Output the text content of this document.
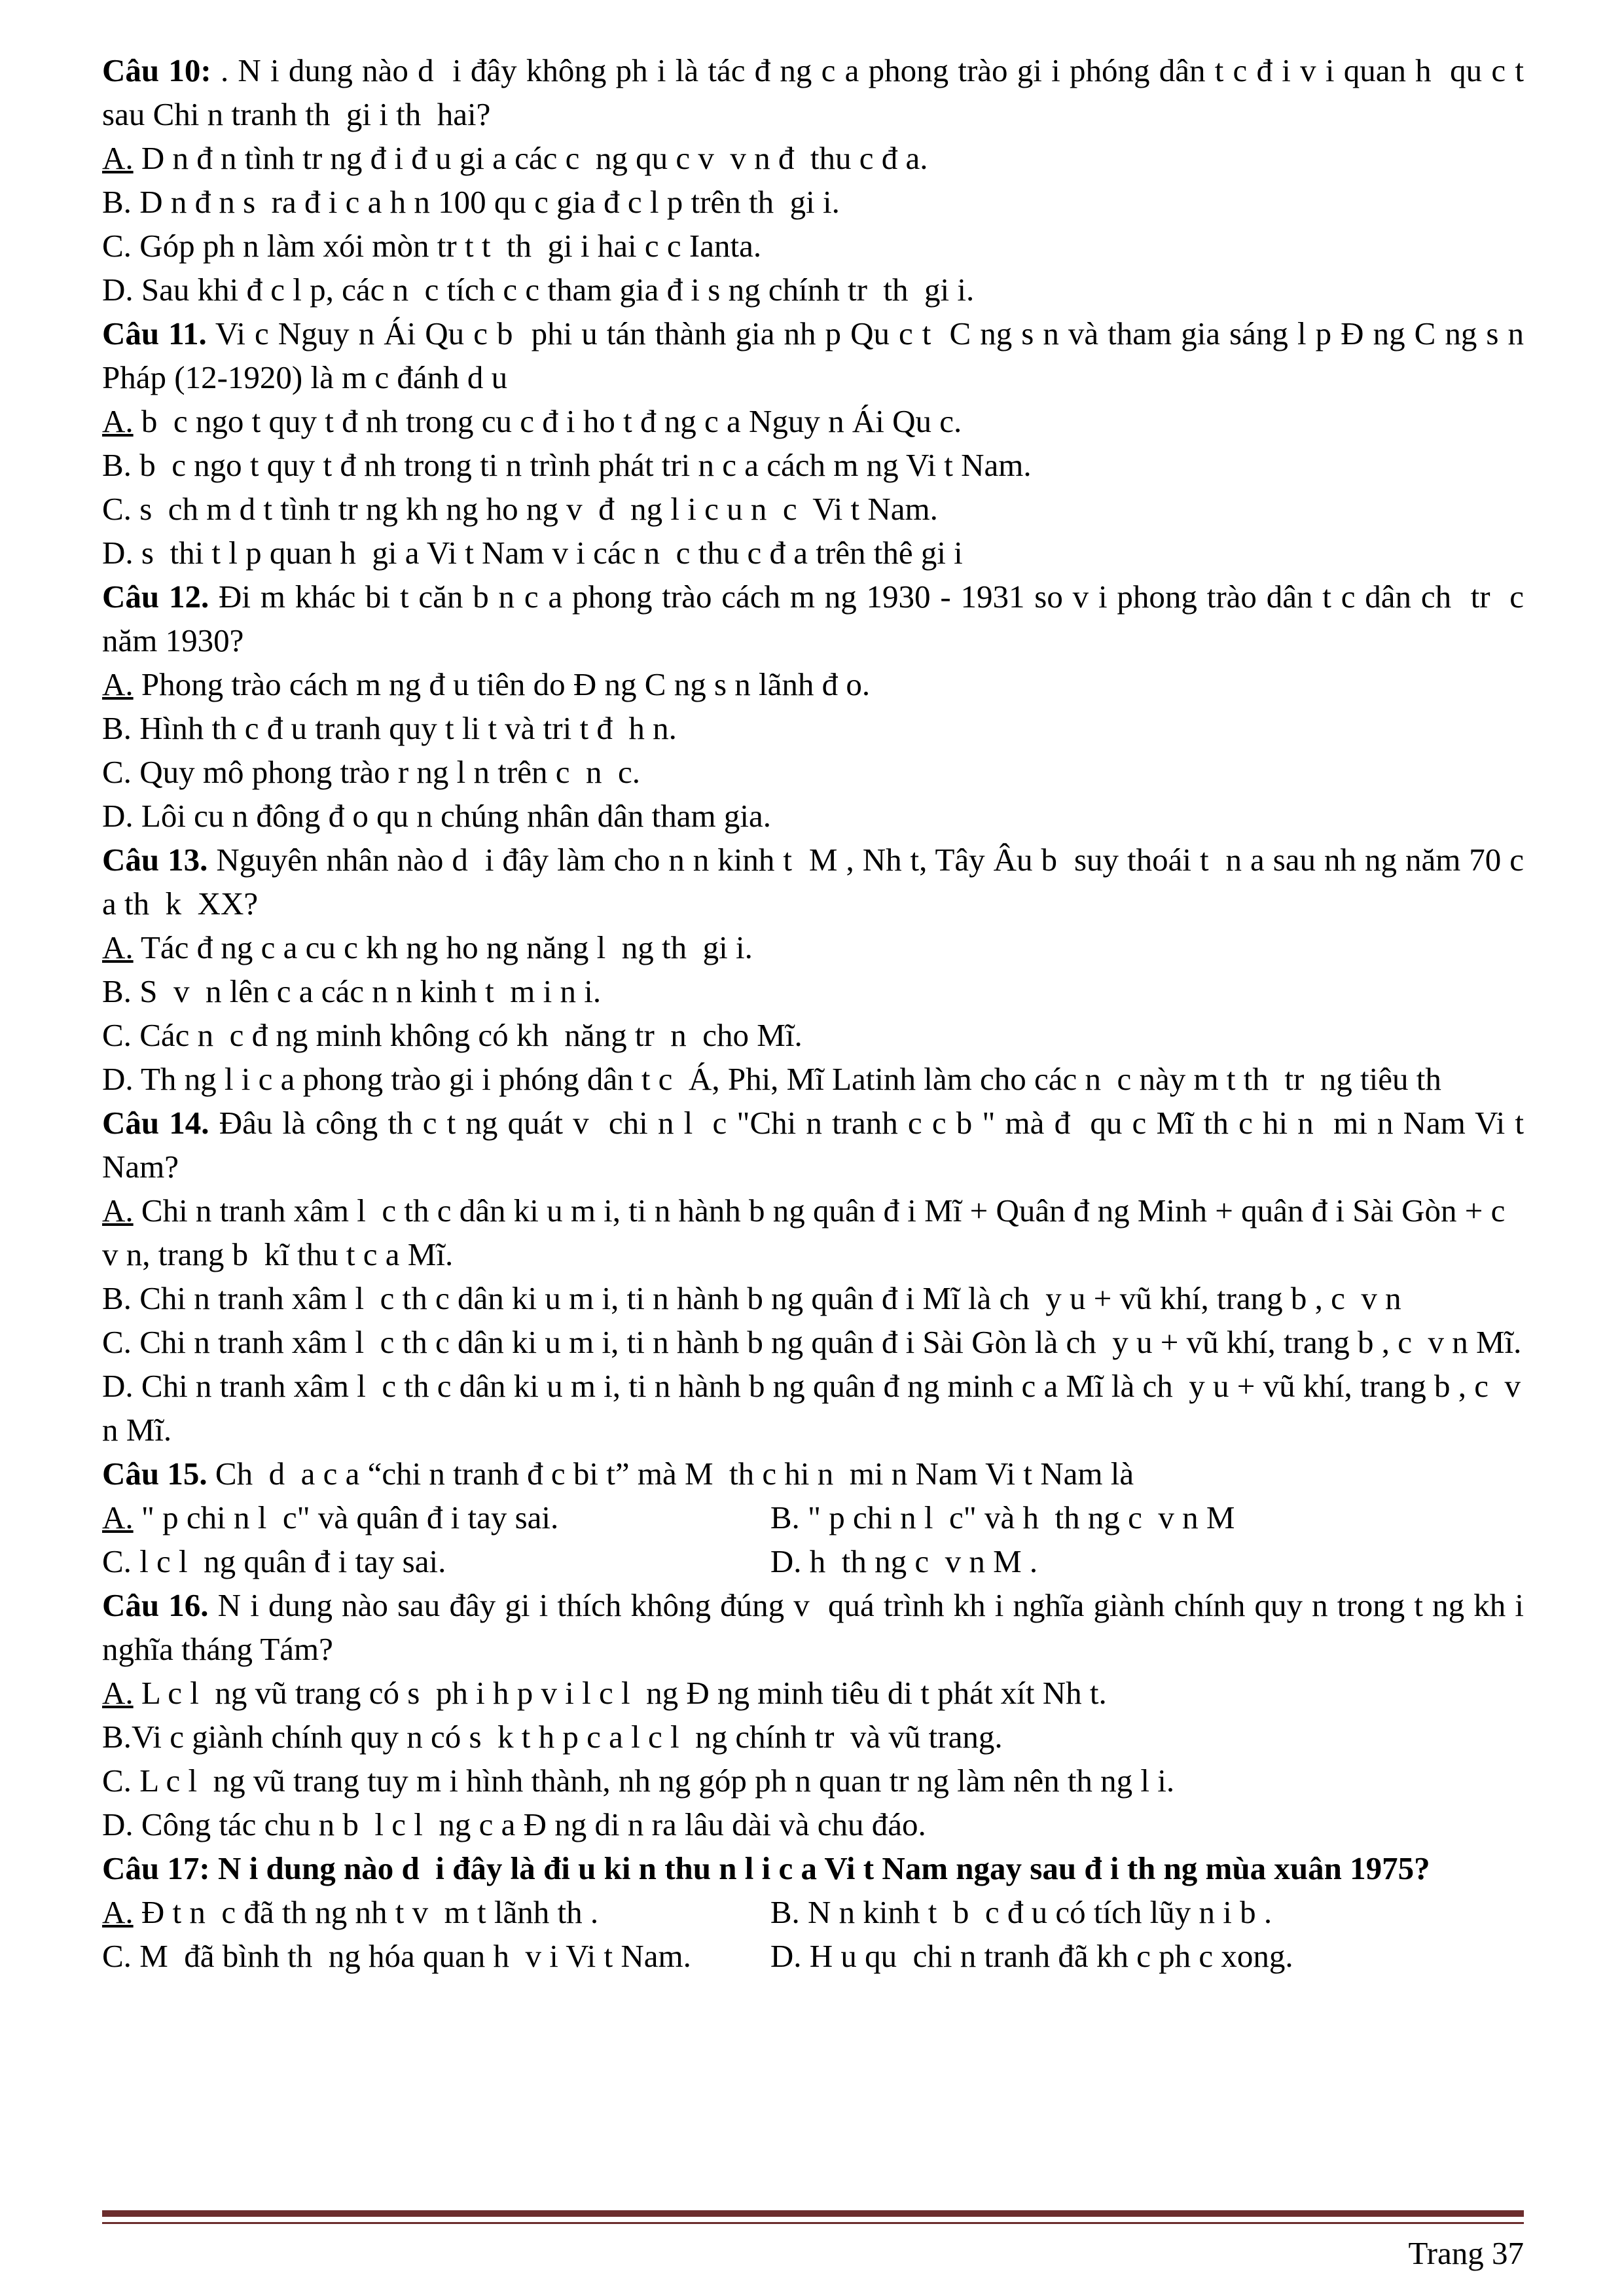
Câu 10: . N i dung nào d  i đây không ph i là tác đ ng c a phong trào gi i phóng dân t c đ i v i quan h  qu c t  sau Chi n tranh th  gi i th  hai?
A. D n đ n tình tr ng đ i đ u gi a các c  ng qu c v  v n đ  thu c đ a.
B. D n đ n s  ra đ i c a h n 100 qu c gia đ c l p trên th  gi i.
C. Góp ph n làm xói mòn tr t t  th  gi i hai c c Ianta.
D. Sau khi đ c l p, các n  c tích c c tham gia đ i s ng chính tr  th  gi i.
Câu 11. Vi c Nguy n Ái Qu c b  phi u tán thành gia nh p Qu c t  C ng s n và tham gia sáng l p Đ ng C ng s n Pháp (12-1920) là m c đánh d u
A. b  c ngo t quy t đ nh trong cu c đ i ho t đ ng c a Nguy n Ái Qu c.
B. b  c ngo t quy t đ nh trong ti n trình phát tri n c a cách m ng Vi t Nam.
C. s  ch m d t tình tr ng kh ng ho ng v  đ  ng l i c u n  c  Vi t Nam.
D. s  thi t l p quan h  gi a Vi t Nam v i các n  c thu c đ a trên thê gi i
Câu 12. Đi m khác bi t căn b n c a phong trào cách m ng 1930 - 1931 so v i phong trào dân t c dân ch  tr  c năm 1930?
A. Phong trào cách m ng đ u tiên do Đ ng C ng s n lãnh đ o.
B. Hình th c đ u tranh quy t li t và tri t đ  h n.
C. Quy mô phong trào r ng l n trên c  n  c.
D. Lôi cu n đông đ o qu n chúng nhân dân tham gia.
Câu 13. Nguyên nhân nào d  i đây làm cho n n kinh t  M , Nh t, Tây Âu b  suy thoái t  n a sau nh ng năm 70 c a th  k  XX?
A. Tác đ ng c a cu c kh ng ho ng năng l  ng th  gi i.
B. S  v  n lên c a các n n kinh t  m i n i.
C. Các n  c đ ng minh không có kh  năng tr  n  cho Mĩ.
D. Th ng l i c a phong trào gi i phóng dân t c  Á, Phi, Mĩ Latinh làm cho các n  c này m t th  tr  ng tiêu th
Câu 14. Đâu là công th c t ng quát v  chi n l  c "Chi n tranh c c b " mà đ  qu c Mĩ th c hi n  mi n Nam Vi t Nam?
A. Chi n tranh xâm l  c th c dân ki u m i, ti n hành b ng quân đ i Mĩ + Quân đ ng Minh + quân đ i Sài Gòn + c  v n, trang b  kĩ thu t c a Mĩ.
B. Chi n tranh xâm l  c th c dân ki u m i, ti n hành b ng quân đ i Mĩ là ch  y u + vũ khí, trang b , c  v n
C. Chi n tranh xâm l  c th c dân ki u m i, ti n hành b ng quân đ i Sài Gòn là ch  y u + vũ khí, trang b , c  v n Mĩ.
D. Chi n tranh xâm l  c th c dân ki u m i, ti n hành b ng quân đ ng minh c a Mĩ là ch  y u + vũ khí, trang b , c  v n Mĩ.
Câu 15. Ch  d  a c a “chi n tranh đ c bi t” mà M  th c hi n  mi n Nam Vi t Nam là
A. " p chi n l  c" và quân đ i tay sai.	B. " p chi n l  c" và h  th ng c  v n M
C. l c l  ng quân đ i tay sai.	D. h  th ng c  v n M .
Câu 16. N i dung nào sau đây gi i thích không đúng v  quá trình kh i nghĩa giành chính quy n trong t ng kh i nghĩa tháng Tám?
A. L c l  ng vũ trang có s  ph i h p v i l c l  ng Đ ng minh tiêu di t phát xít Nh t.
B.Vi c giành chính quy n có s  k t h p c a l c l  ng chính tr  và vũ trang.
C. L c l  ng vũ trang tuy m i hình thành, nh ng góp ph n quan tr ng làm nên th ng l i.
D. Công tác chu n b  l c l  ng c a Đ ng di n ra lâu dài và chu đáo.
Câu 17: N i dung nào d  i đây là đi u ki n thu n l i c a Vi t Nam ngay sau đ i th ng mùa xuân 1975?
A. Đ t n  c đã th ng nh t v  m t lãnh th .	B. N n kinh t  b  c đ u có tích lũy n i b .
C. M  đã bình th  ng hóa quan h  v i Vi t Nam.	D. H u qu  chi n tranh đã kh c ph c xong.
Trang 37
